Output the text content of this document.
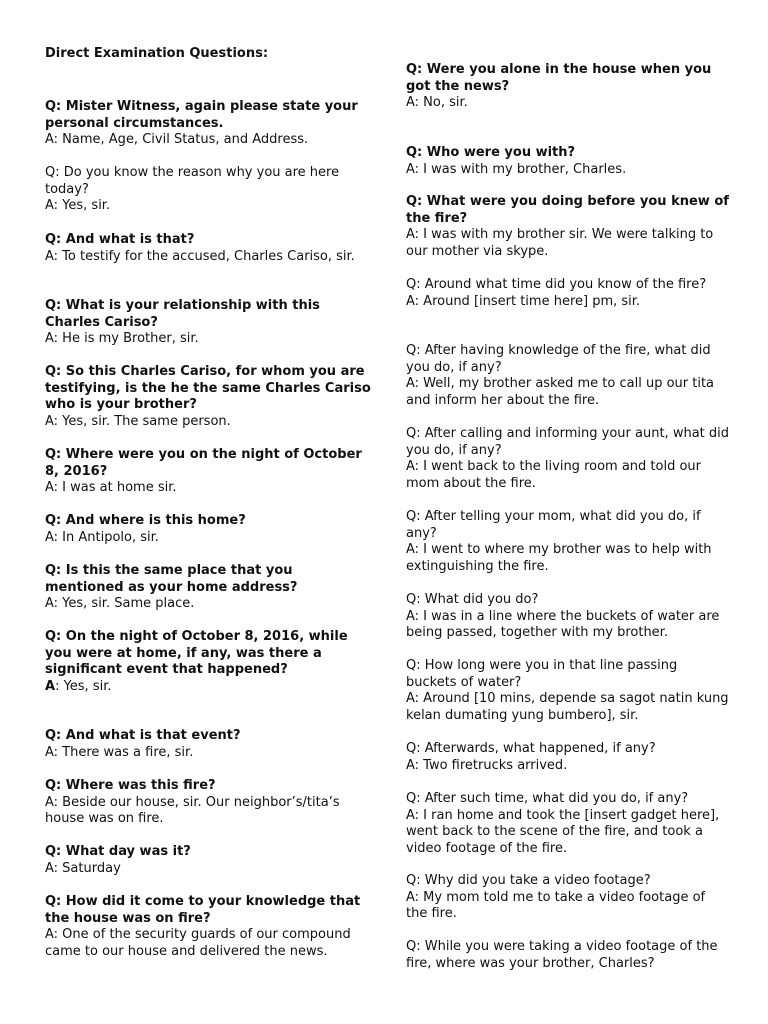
Direct Examination Questions:
Q: Mister Witness, again please state your personal circumstances.
A: Name, Age, Civil Status, and Address.
Q: Do you know the reason why you are here today?
A: Yes, sir.
Q: And what is that?
A: To testify for the accused, Charles Cariso, sir.
Q: What is your relationship with this Charles Cariso?
A: He is my Brother, sir.
Q: So this Charles Cariso, for whom you are testifying, is the he the same Charles Cariso who is your brother?
A: Yes, sir. The same person.
Q: Where were you on the night of October 8, 2016?
A: I was at home sir.
Q: And where is this home?
A: In Antipolo, sir.
Q: Is this the same place that you mentioned as your home address?
A: Yes, sir. Same place.
Q: On the night of October 8, 2016, while you were at home, if any, was there a significant event that happened?
A: Yes, sir.
Q: And what is that event?
A: There was a fire, sir.
Q: Where was this fire?
A: Beside our house, sir. Our neighbor’s/tita’s house was on fire.
Q: What day was it?
A: Saturday
Q: How did it come to your knowledge that the house was on fire?
A: One of the security guards of our compound came to our house and delivered the news.
Q: Were you alone in the house when you got the news?
A: No, sir.
Q: Who were you with?
A: I was with my brother, Charles.
Q: What were you doing before you knew of the fire?
A: I was with my brother sir. We were talking to our mother via skype.
Q: Around what time did you know of the fire?
A: Around [insert time here] pm, sir.
Q: After having knowledge of the fire, what did you do, if any?
A: Well, my brother asked me to call up our tita and inform her about the fire.
Q: After calling and informing your aunt, what did you do, if any?
A: I went back to the living room and told our mom about the fire.
Q: After telling your mom, what did you do, if any?
A: I went to where my brother was to help with extinguishing the fire.
Q: What did you do?
A: I was in a line where the buckets of water are being passed, together with my brother.
Q: How long were you in that line passing buckets of water?
A: Around [10 mins, depende sa sagot natin kung kelan dumating yung bumbero], sir.
Q: Afterwards, what happened, if any?
A: Two firetrucks arrived.
Q: After such time, what did you do, if any?
A: I ran home and took the [insert gadget here], went back to the scene of the fire, and took a video footage of the fire.
Q: Why did you take a video footage?
A: My mom told me to take a video footage of the fire.
Q: While you were taking a video footage of the fire, where was your brother, Charles?
